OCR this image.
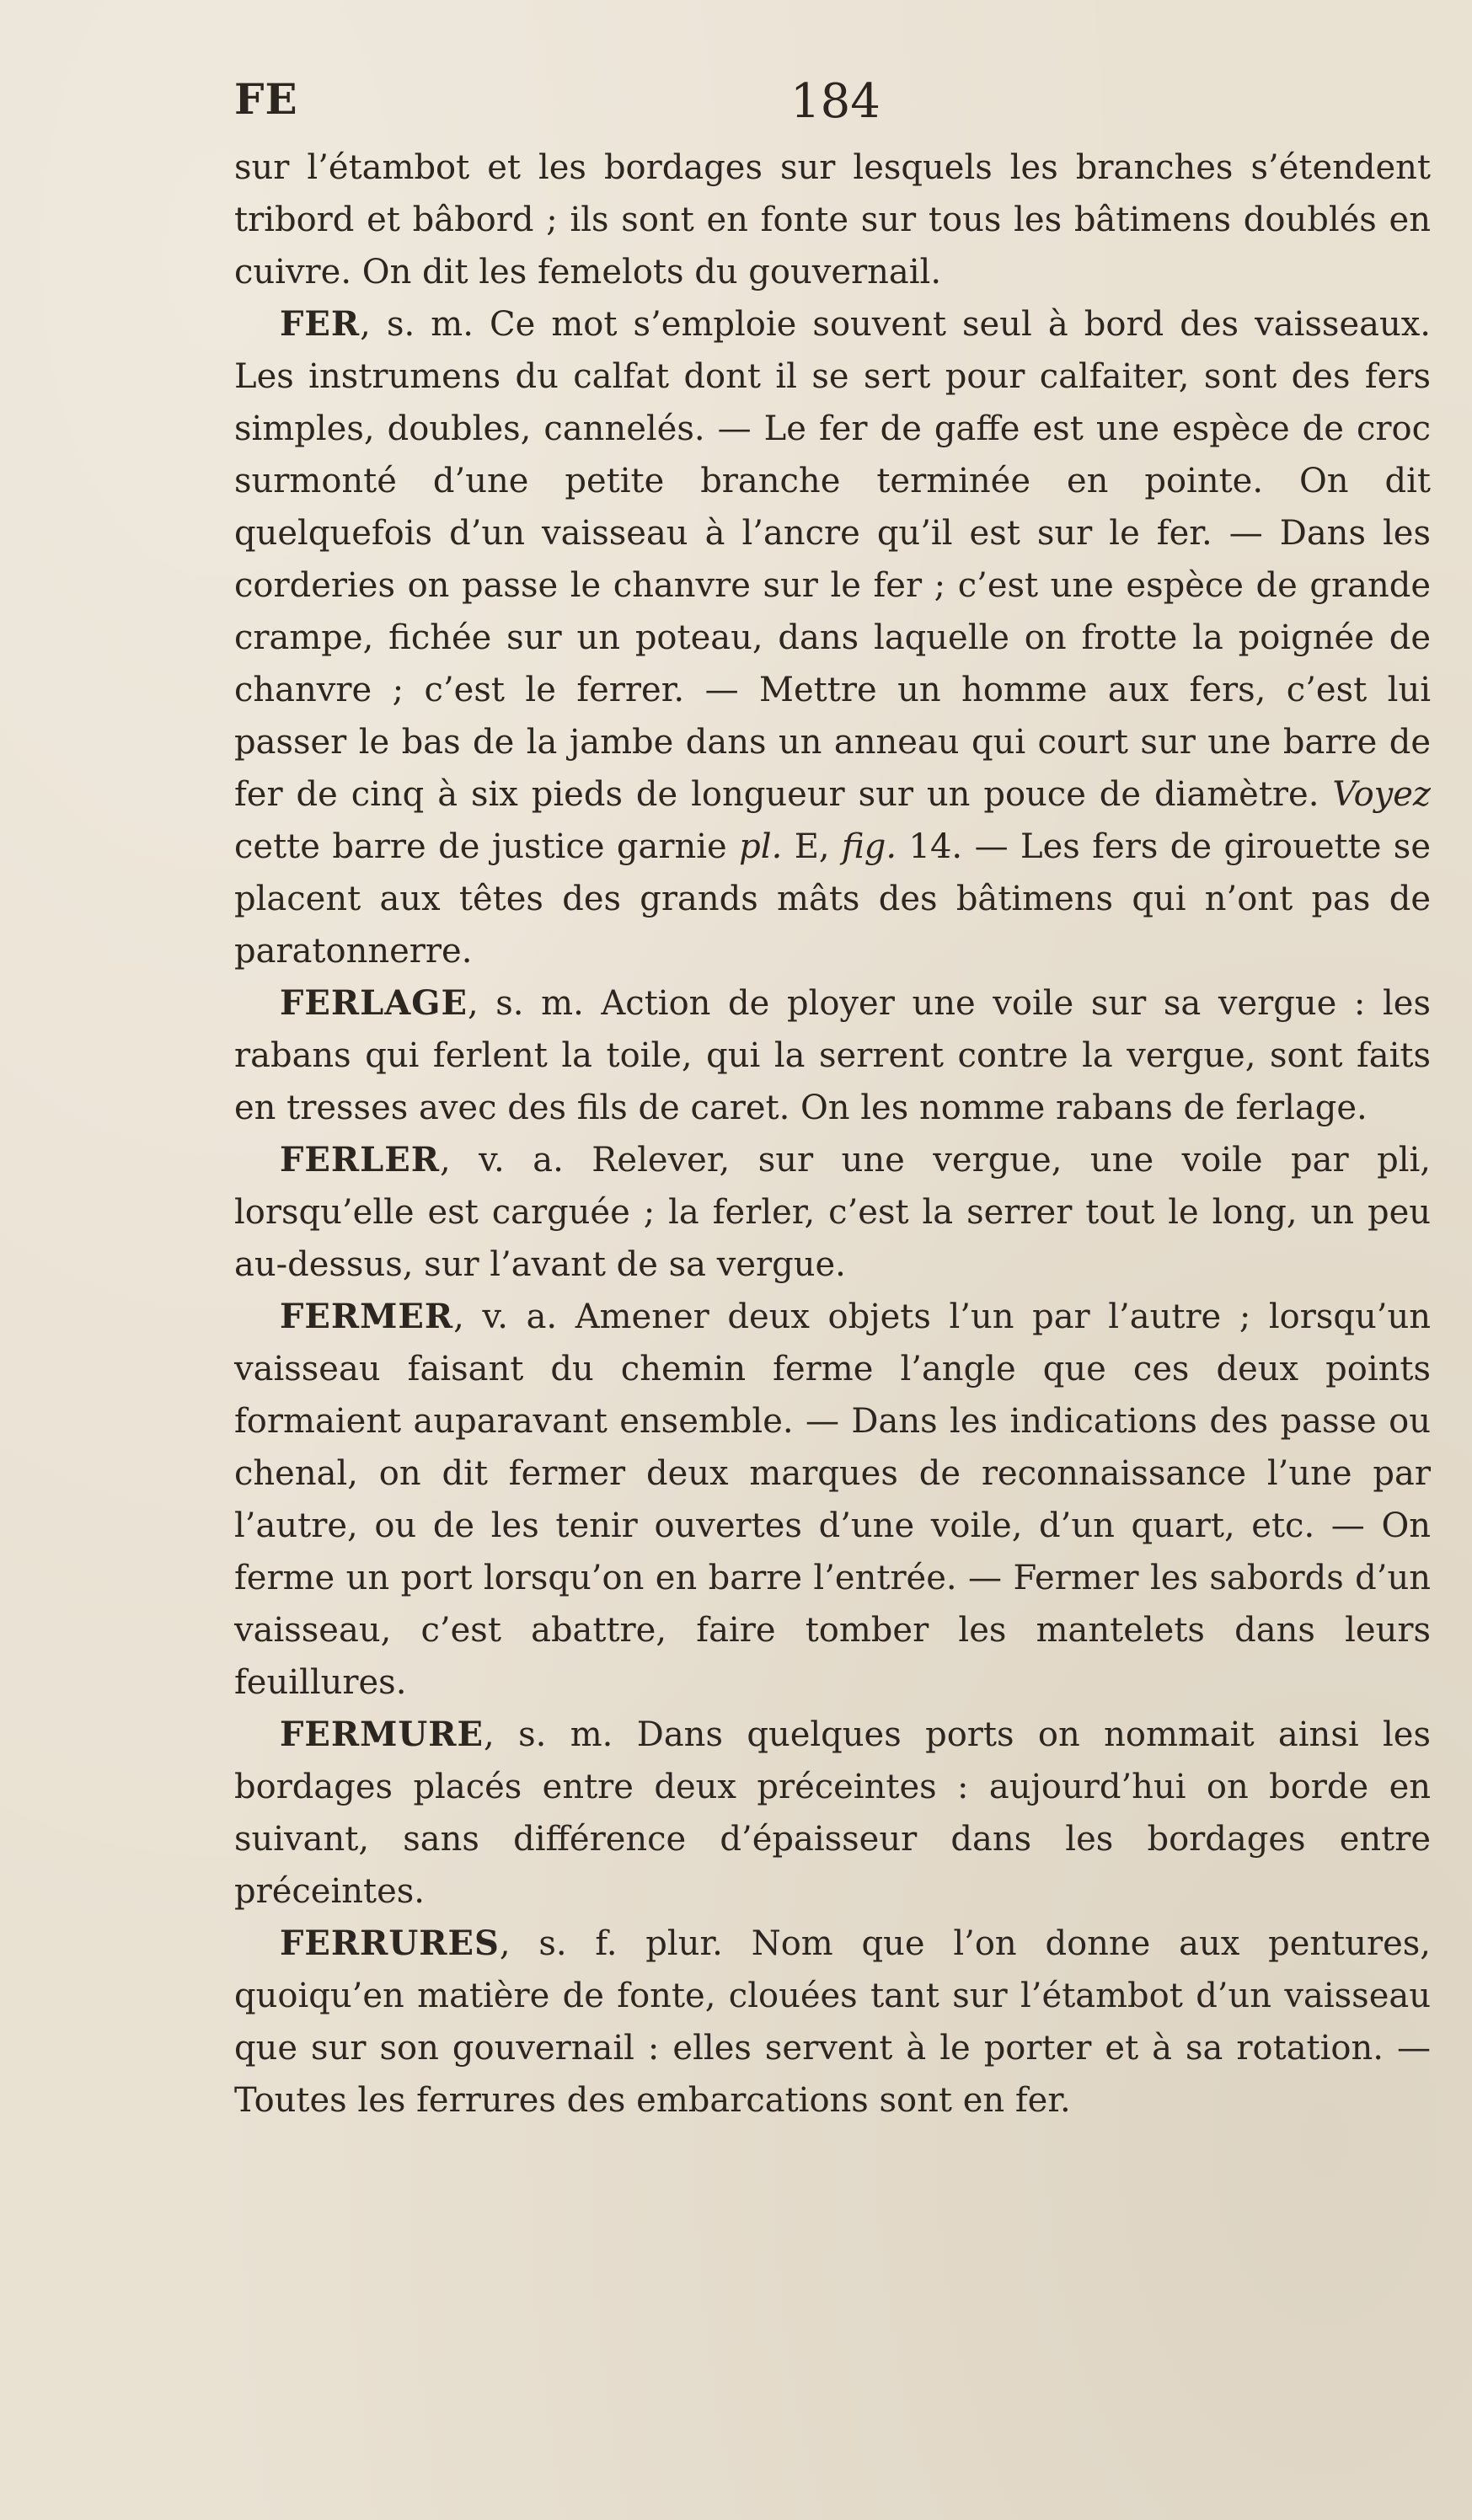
FE	184

sur l’étambot et les bordages sur lesquels les branches s’étendent tribord et bâbord ; ils sont en fonte sur tous les bâtimens doublés en cuivre. On dit les femelots du gouvernail.

FER, s. m. Ce mot s’emploie souvent seul à bord des vaisseaux. Les instrumens du calfat dont il se sert pour calfaiter, sont des fers simples, doubles, cannelés. — Le fer de gaffe est une espèce de croc surmonté d’une petite branche terminée en pointe. On dit quelquefois d’un vaisseau à l’ancre qu’il est sur le fer. — Dans les corderies on passe le chanvre sur le fer ; c’est une espèce de grande crampe, fichée sur un poteau, dans laquelle on frotte la poignée de chanvre ; c’est le ferrer. — Mettre un homme aux fers, c’est lui passer le bas de la jambe dans un anneau qui court sur une barre de fer de cinq à six pieds de longueur sur un pouce de diamètre. Voyez cette barre de justice garnie pl. E, fig. 14. — Les fers de girouette se placent aux têtes des grands mâts des bâtimens qui n’ont pas de paratonnerre.

FERLAGE, s. m. Action de ployer une voile sur sa vergue : les rabans qui ferlent la toile, qui la serrent contre la vergue, sont faits en tresses avec des fils de caret. On les nomme rabans de ferlage.

FERLER, v. a. Relever, sur une vergue, une voile par pli, lorsqu’elle est carguée ; la ferler, c’est la serrer tout le long, un peu au-dessus, sur l’avant de sa vergue.

FERMER, v. a. Amener deux objets l’un par l’autre ; lorsqu’un vaisseau faisant du chemin ferme l’angle que ces deux points formaient auparavant ensemble. — Dans les indications des passe ou chenal, on dit fermer deux marques de reconnaissance l’une par l’autre, ou de les tenir ouvertes d’une voile, d’un quart, etc. — On ferme un port lorsqu’on en barre l’entrée. — Fermer les sabords d’un vaisseau, c’est abattre, faire tomber les mantelets dans leurs feuillures.

FERMURE, s. m. Dans quelques ports on nommait ainsi les bordages placés entre deux préceintes : aujourd’hui on borde en suivant, sans différence d’épaisseur dans les bordages entre préceintes.

FERRURES, s. f. plur. Nom que l’on donne aux pentures, quoiqu’en matière de fonte, clouées tant sur l’étambot d’un vaisseau que sur son gouvernail : elles servent à le porter et à sa rotation. — Toutes les ferrures des embarcations sont en fer.
